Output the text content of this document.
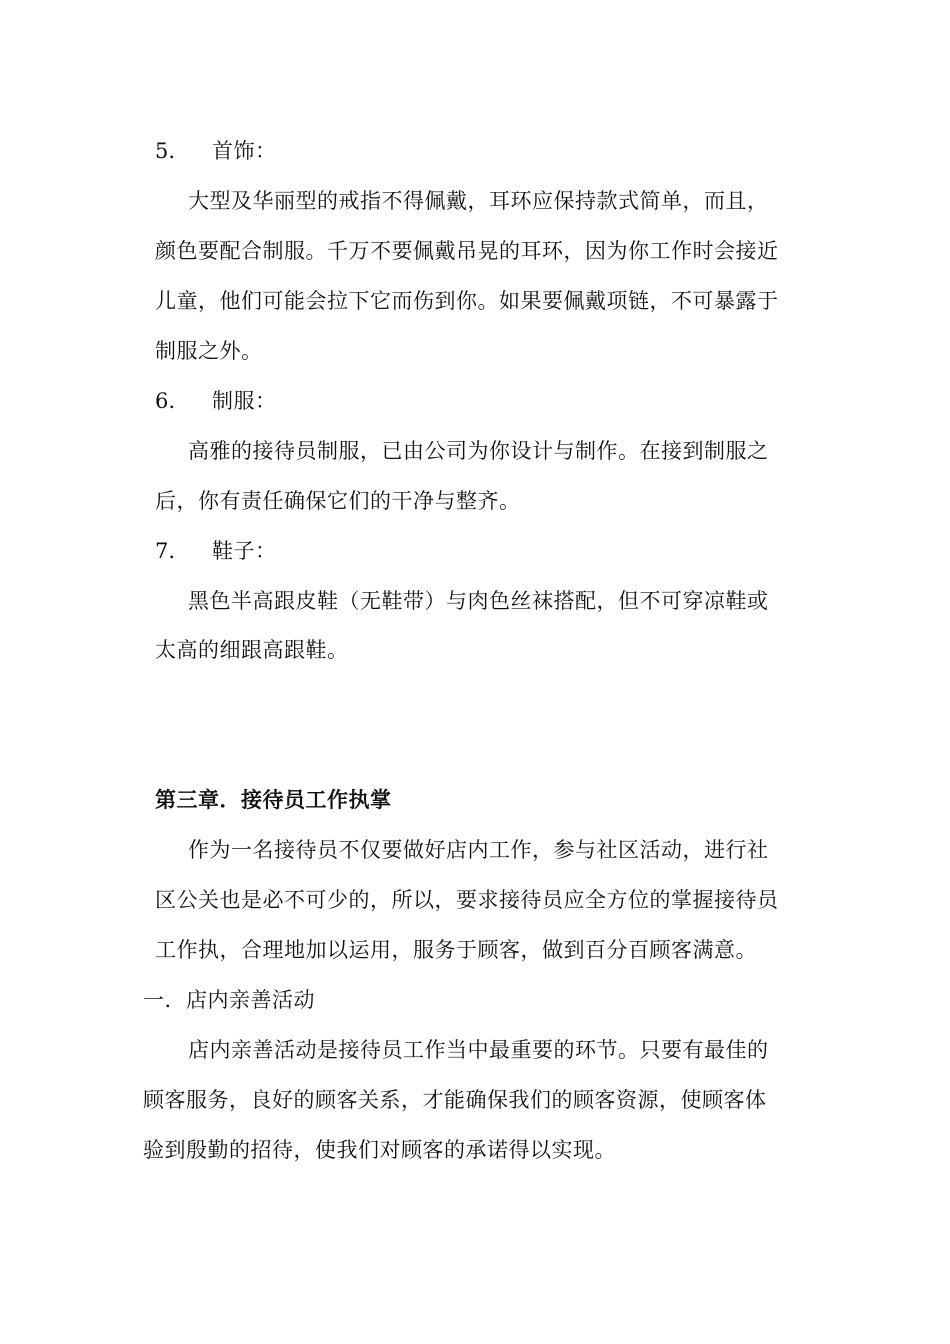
5. 首饰：
大型及华丽型的戒指不得佩戴，耳环应保持款式简单，而且，
颜色要配合制服。千万不要佩戴吊晃的耳环，因为你工作时会接近
儿童，他们可能会拉下它而伤到你。如果要佩戴项链，不可暴露于
制服之外。
6. 制服：
高雅的接待员制服，已由公司为你设计与制作。在接到制服之
后，你有责任确保它们的干净与整齐。
7. 鞋子：
黑色半高跟皮鞋（无鞋带）与肉色丝袜搭配，但不可穿凉鞋或
太高的细跟高跟鞋。
第三章．接待员工作执掌
作为一名接待员不仅要做好店内工作，参与社区活动，进行社
区公关也是必不可少的，所以，要求接待员应全方位的掌握接待员
工作执，合理地加以运用，服务于顾客，做到百分百顾客满意。
一．店内亲善活动
店内亲善活动是接待员工作当中最重要的环节。只要有最佳的
顾客服务，良好的顾客关系，才能确保我们的顾客资源，使顾客体
验到殷勤的招待，使我们对顾客的承诺得以实现。
